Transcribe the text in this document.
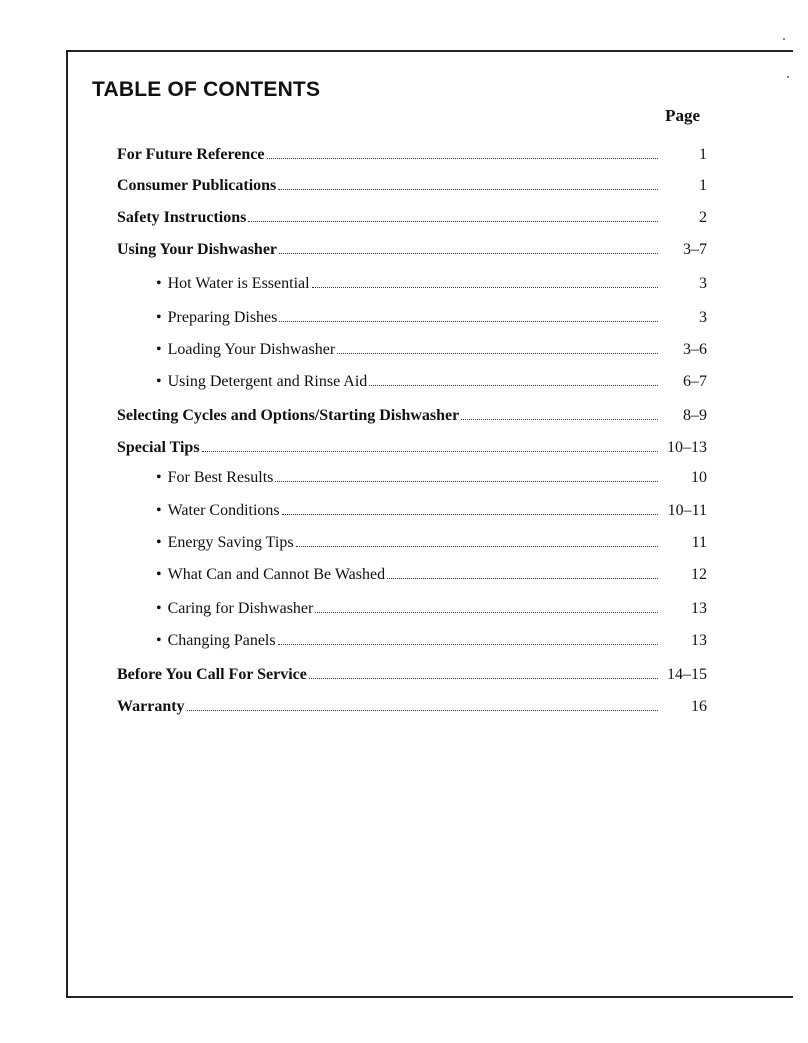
TABLE OF CONTENTS
Page
For Future Reference	1
Consumer Publications	1
Safety Instructions	2
Using Your Dishwasher	3–7
• Hot Water is Essential	3
• Preparing Dishes	3
• Loading Your Dishwasher	3–6
• Using Detergent and Rinse Aid	6–7
Selecting Cycles and Options/Starting Dishwasher	8–9
Special Tips	10–13
• For Best Results	10
• Water Conditions	10–11
• Energy Saving Tips	11
• What Can and Cannot Be Washed	12
• Caring for Dishwasher	13
• Changing Panels	13
Before You Call For Service	14–15
Warranty	16
